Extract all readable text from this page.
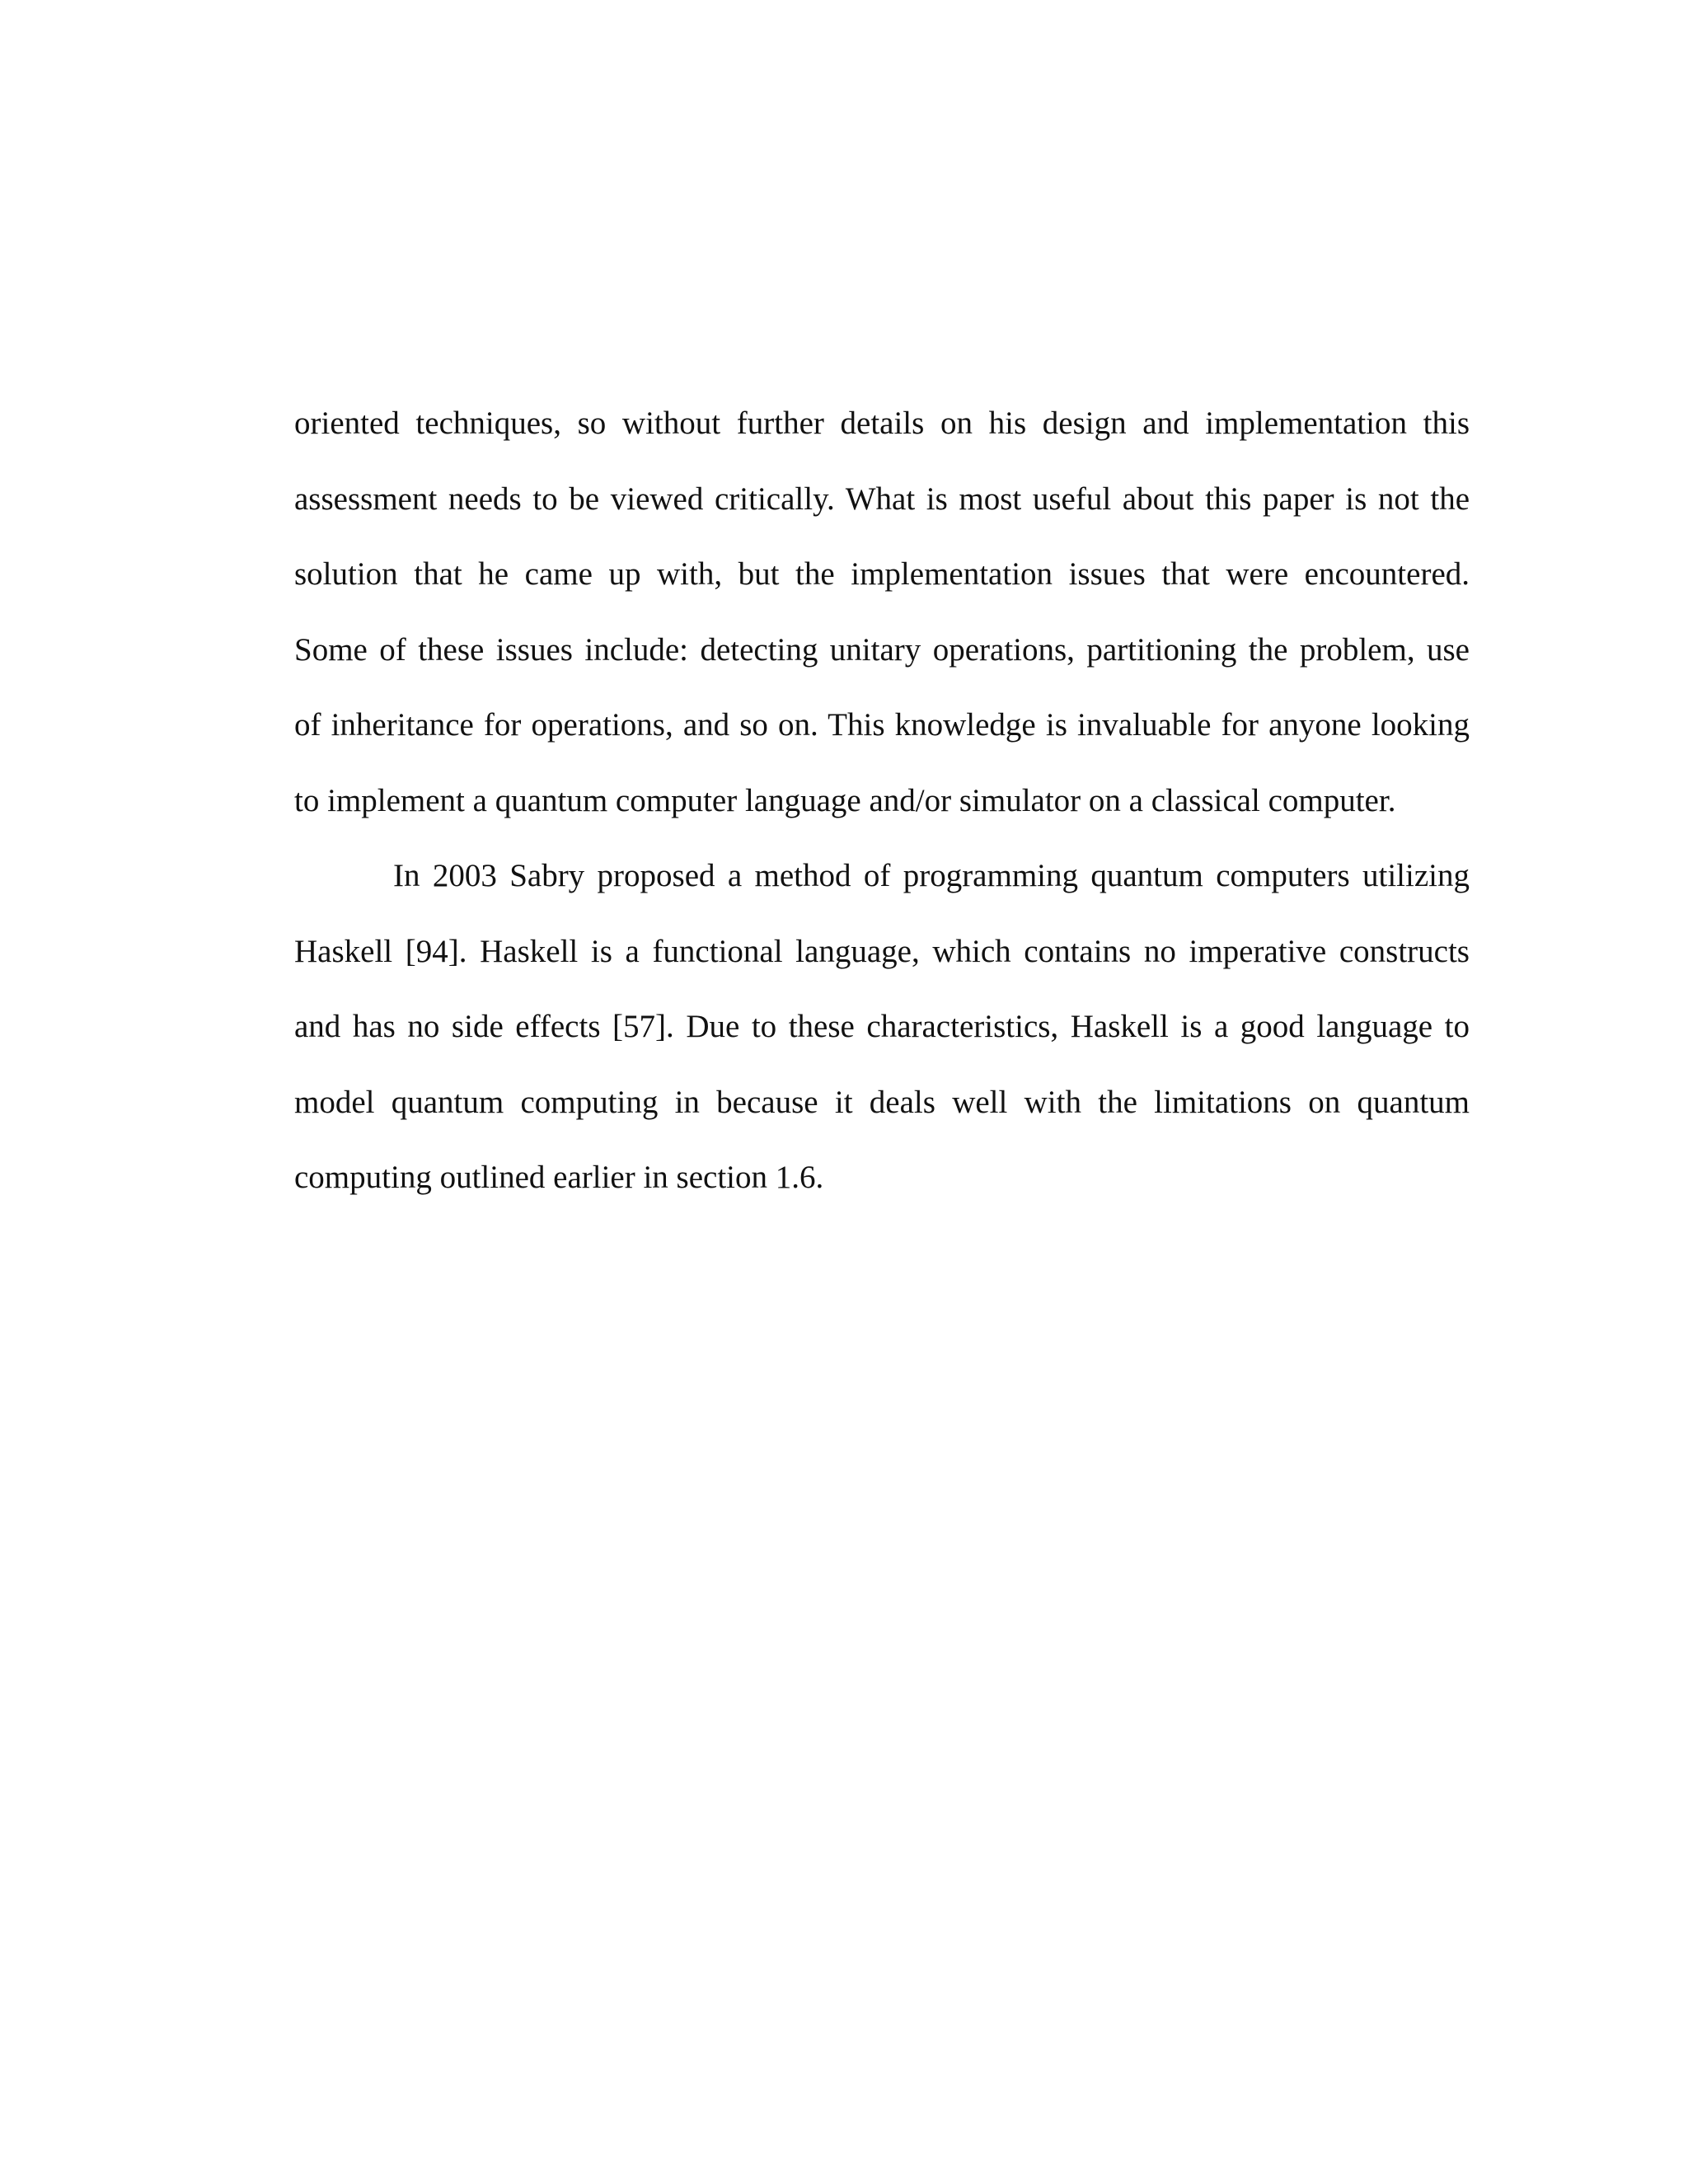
oriented techniques, so without further details on his design and implementation this
assessment needs to be viewed critically. What is most useful about this paper is not the
solution that he came up with, but the implementation issues that were encountered.
Some of these issues include: detecting unitary operations, partitioning the problem, use
of inheritance for operations, and so on. This knowledge is invaluable for anyone looking
to implement a quantum computer language and/or simulator on a classical computer.
In 2003 Sabry proposed a method of programming quantum computers utilizing
Haskell [94]. Haskell is a functional language, which contains no imperative constructs
and has no side effects [57]. Due to these characteristics, Haskell is a good language to
model quantum computing in because it deals well with the limitations on quantum
computing outlined earlier in section 1.6.
